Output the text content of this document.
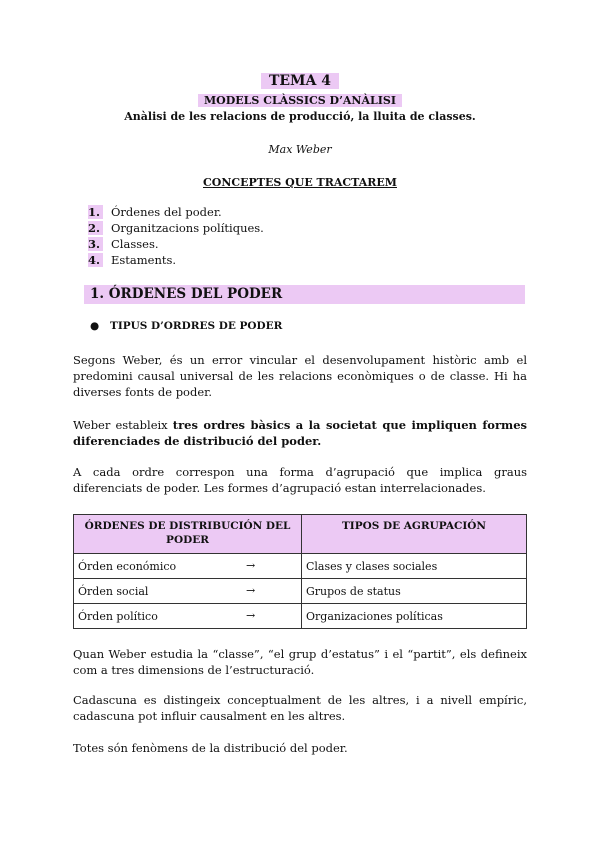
TEMA 4
MODELS CLÀSSICS D’ANÀLISI
Anàlisi de les relacions de producció, la lluita de classes.
Max Weber
CONCEPTES QUE TRACTAREM
1. Órdenes del poder.
2. Organitzacions polítiques.
3. Classes.
4. Estaments.
1. ÓRDENES DEL PODER
● TIPUS D’ORDRES DE PODER
Segons Weber, és un error vincular el desenvolupament històric amb el predomini causal universal de les relacions econòmiques o de classe. Hi ha diverses fonts de poder.
Weber estableix tres ordres bàsics a la societat que impliquen formes diferenciades de distribució del poder.
A cada ordre correspon una forma d’agrupació que implica graus diferenciats de poder. Les formes d’agrupació estan interrelacionades.
ÓRDENES DE DISTRIBUCIÓN DEL PODER	TIPOS DE AGRUPACIÓN
Órden económico →	Clases y clases sociales
Órden social →	Grupos de status
Órden político →	Organizaciones políticas
Quan Weber estudia la “classe”, “el grup d’estatus” i el “partit”, els defineix com a tres dimensions de l’estructuració.
Cadascuna es distingeix conceptualment de les altres, i a nivell empíric, cadascuna pot influir causalment en les altres.
Totes són fenòmens de la distribució del poder.
